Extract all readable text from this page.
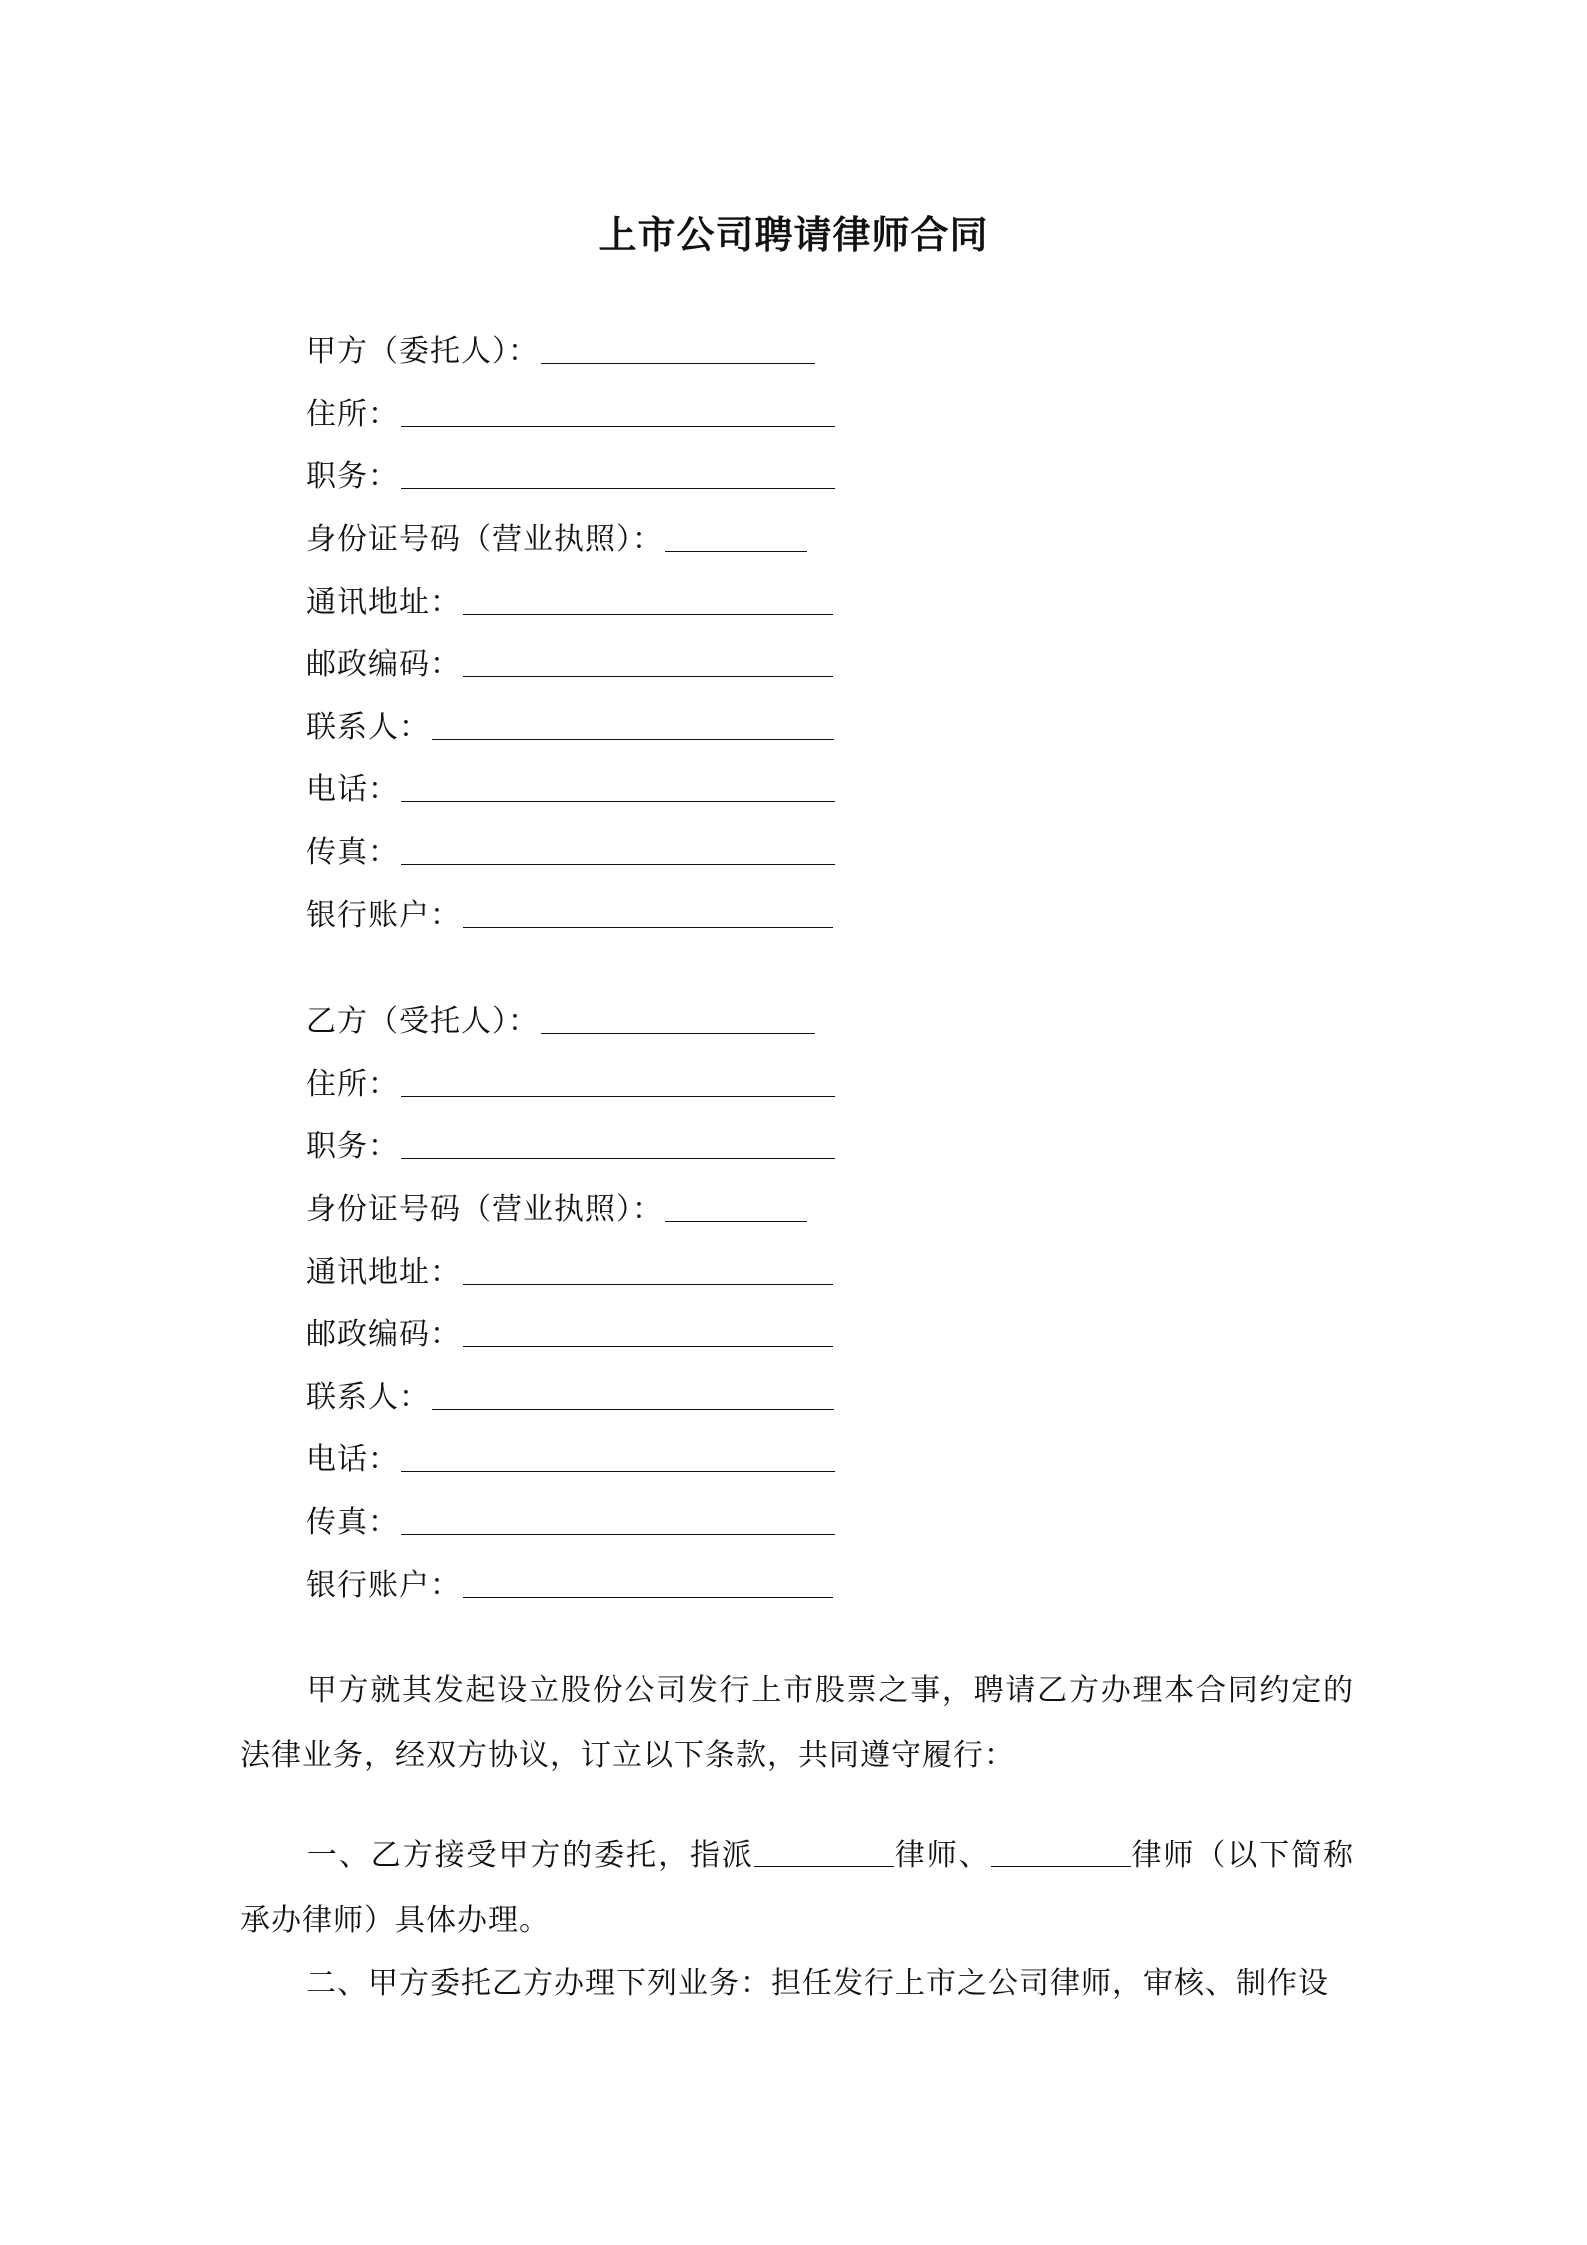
上市公司聘请律师合同
甲方（委托人）：
住所：
职务：
身份证号码（营业执照）：
通讯地址：
邮政编码：
联系人：
电话：
传真：
银行账户：
乙方（受托人）：
住所：
职务：
身份证号码（营业执照）：
通讯地址：
邮政编码：
联系人：
电话：
传真：
银行账户：

甲方就其发起设立股份公司发行上市股票之事，聘请乙方办理本合同约定的法律业务，经双方协议，订立以下条款，共同遵守履行：

一、乙方接受甲方的委托，指派	律师、	律师（以下简称承办律师）具体办理。

二、甲方委托乙方办理下列业务：担任发行上市之公司律师，审核、制作设
